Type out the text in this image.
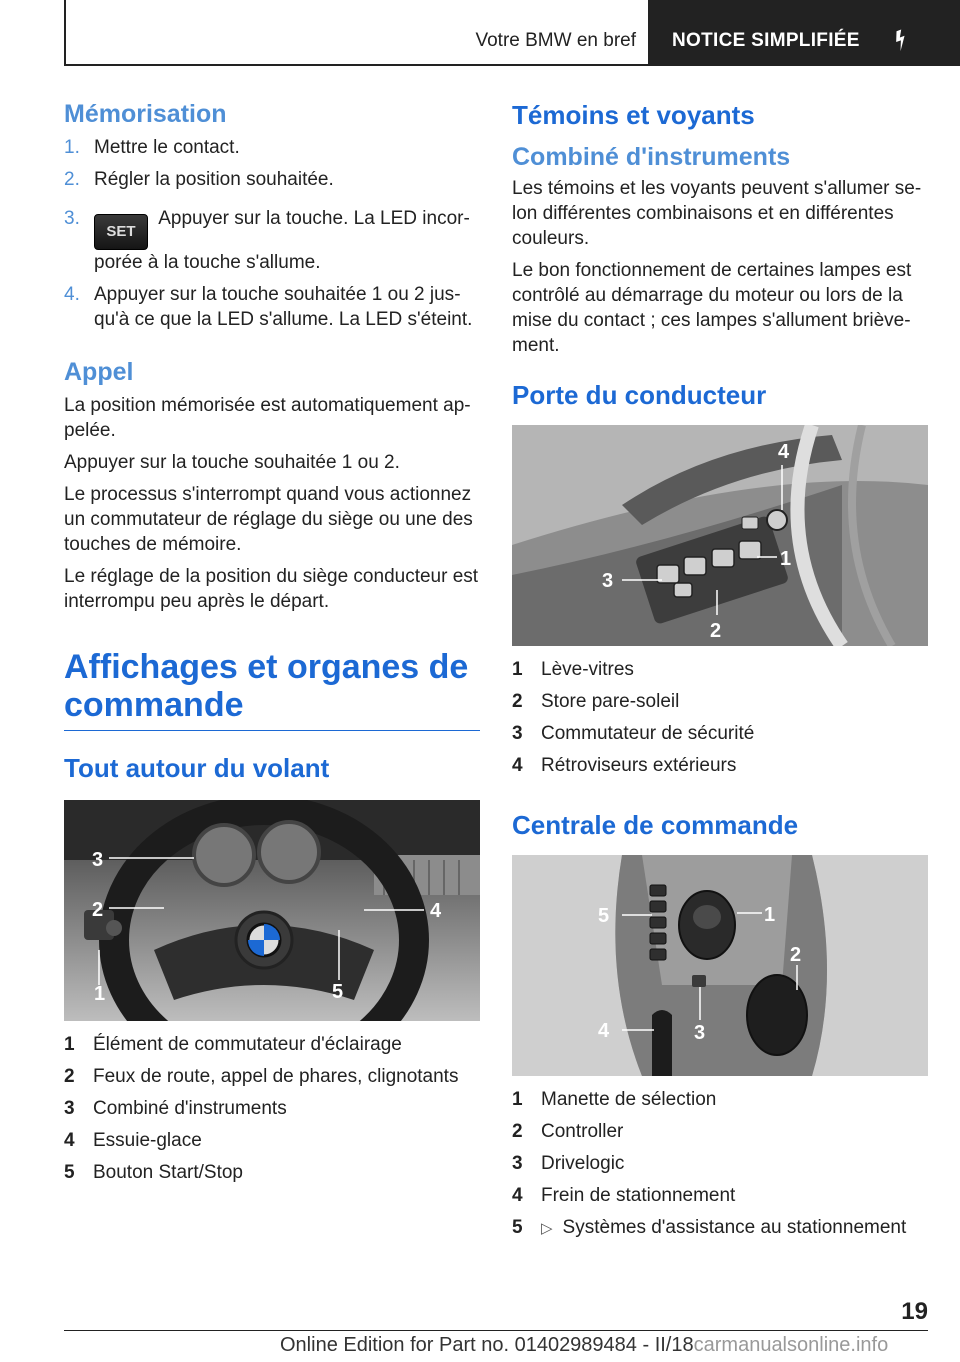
Votre BMW en bref NOTICE SIMPLIFIÉE
Mémorisation
1. Mettre le contact.
2. Régler la position souhaitée.
3.
SET Appuyer sur la touche. La LED incorporée à la touche s'allume.
4. Appuyer sur la touche souhaitée 1 ou 2 jusqu'à ce que la LED s'allume. La LED s'éteint.
Appel

La position mémorisée est automatiquement appelée.

Appuyer sur la touche souhaitée 1 ou 2.

Le processus s'interrompt quand vous actionnez un commutateur de réglage du siège ou une des touches de mémoire.

Le réglage de la position du siège conducteur est interrompu peu après le départ.

Affichages et organes de commande
Tout autour du volant
3
2
1
4
5
1 Élément de commutateur d'éclairage
2 Feux de route, appel de phares, clignotants
3 Combiné d'instruments
4 Essuie-glace
5 Bouton Start/Stop
Témoins et voyants
Combiné d'instruments

Les témoins et les voyants peuvent s'allumer selon différentes combinaisons et en différentes couleurs.

Le bon fonctionnement de certaines lampes est contrôlé au démarrage du moteur ou lors de la mise du contact ; ces lampes s'allument brièvement.

Porte du conducteur
4
1
3
2
1 Lève-vitres
2 Store pare-soleil
3 Commutateur de sécurité
4 Rétroviseurs extérieurs
Centrale de commande
5	1
2
3
4
1 Manette de sélection
2 Controller
3 Drivelogic
4 Frein de stationnement
5 ▷ Systèmes d'assistance au stationnement
19
Online Edition for Part no. 01402989484 - II/18carmanualsonline.info
